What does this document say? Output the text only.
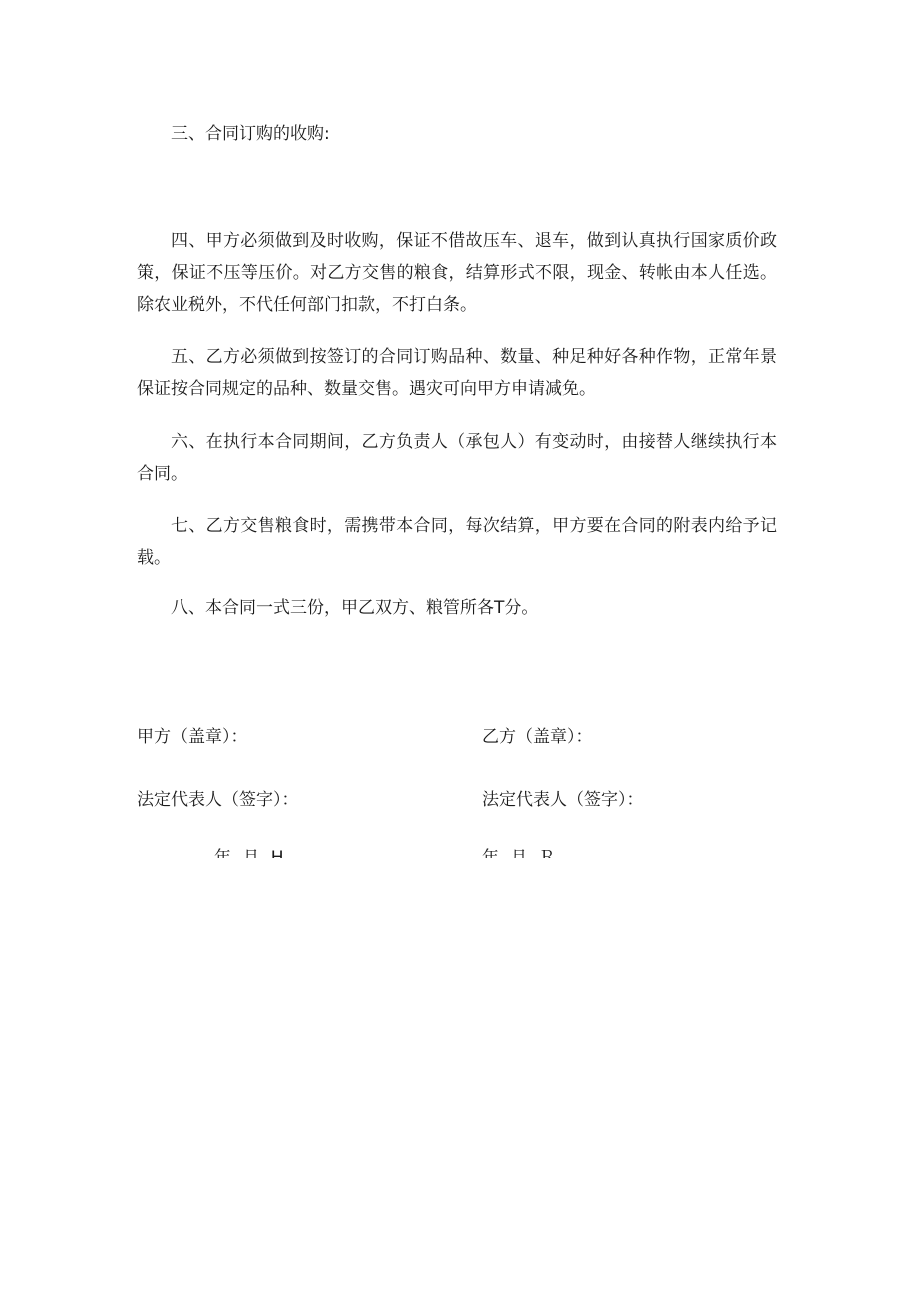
三、合同订购的收购:

四、甲方必须做到及时收购，保证不借故压车、退车，做到认真执行国家质价政策，保证不压等压价。对乙方交售的粮食，结算形式不限，现金、转帐由本人任选。除农业税外，不代任何部门扣款，不打白条。

五、乙方必须做到按签订的合同订购品种、数量、种足种好各种作物，正常年景保证按合同规定的品种、数量交售。遇灾可向甲方申请减免。

六、在执行本合同期间，乙方负责人（承包人）有变动时，由接替人继续执行本合同。

七、乙方交售粮食时，需携带本合同，每次结算，甲方要在合同的附表内给予记载。

八、本合同一式三份，甲乙双方、粮管所各T分。

甲方（盖章）：	乙方（盖章）：

法定代表人（签字）：	法定代表人（签字）：
